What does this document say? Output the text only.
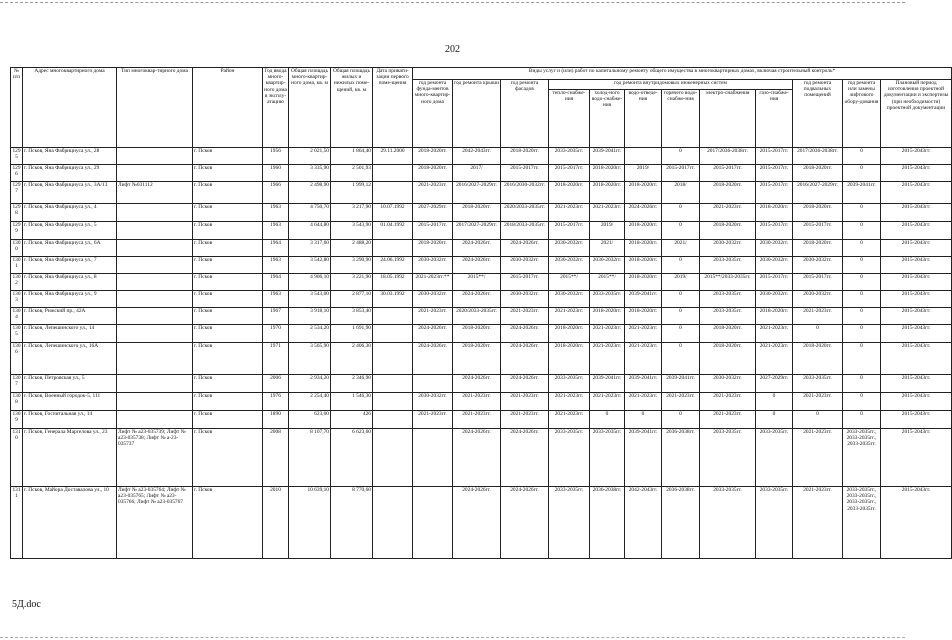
202
№ п/п	Адрес многоквартирного дома	Тип многоквар-тирного дома	Район	Год ввода много-квартир-ного дома в эксплу-атацию	Общая площадь много-квартир-ного дома, кв. м	Общая площадь жилых и нежилых поме-щений, кв. м	Дата привати-зации первого поме-щения	Виды услуг и (или) работ по капитальному ремонту общего имущества в многоквартирных домах, включая строительный контроль*											
								год ремонта фунда-ментов много-квартир-ного дома	год ремонта крыши	год ремонта фасадов	год ремонта внутридомовых инженерных систем						год ремонта подвальных помещений	год ремонта или замены лифтового обору-дования	Плановый период изготовления проектной документации и экспертизы (при необходимости) проектной документации
											тепло-снабже-ния	холод-ного водо-снабже-ния	водо-отведе-ния	горячего водо-снабже-ния	электро-снабжения	газо-снабже-ния			
1295	г. Псков, Яна Фабрициуса ул., 28		г. Псков	1956	2 021,50	1 864,40	29.11.2000	2018-2020гг.	2042-2043гг.	2018-2020гг.	2033-2035гг.	2039-2041гг.		0	2017/2036-2038гг.	2015-2017гг.	2017/2036-2038гг.	0	2015-2043гг.
1296	г. Псков, Яна Фабрициуса ул., 29		г. Псков	1960	3 335,90	2 501,93		2018-2020гг.	2017/	2015-2017гг.	2015-2017гг.	2018-2020гг.	2019/	2015-2017гг.	2015-2017гг.	2015-2017гг.	2018-2020гг.	0	2015-2043гг.
1297	г. Псков, Яна Фабрициуса ул., 3А/13	Лифт №031112	г. Псков	1966	2 498,90	1 999,12		2021-2023гг.	2016/2027-2029гг.	2016/2030-2032гг.	2018-2020гг.	2018-2020гг.	2018-2020гг.	2018/	2018-2020гг.	2015-2017гг.	2016/2027-2029гг.	2039-2041гг.	2015-2043гг.
1298	г. Псков, Яна Фабрициуса ул., 4		г. Псков	1963	4 750,70	3 217,90	10.07.1992	2027-2029гг.	2018-2020гг.	2020/2033-2035гг.	2021-2023гг.	2021-2023гг.	2024-2026гг.	0	2021-2023гг.	2018-2020гг.	2018-2020гг.	0	2015-2043гг.
1299	г. Псков, Яна Фабрициуса ул., 5		г. Псков	1963	4 644,80	3 543,90	01.04.1992	2015-2017гг.	2017/2027-2029гг.	2018/2033-2035гг.	2015-2017гг.	2019/	2018-2020гг.	0	2018-2020гг.	2015-2017гг.	2015-2017гг.	0	2015-2043гг.
1300	г. Псков, Яна Фабрициуса ул., 6А		г. Псков	1964	3 317,60	2 488,20		2018-2020гг.	2024-2026гг.	2024-2026гг.	2030-2032гг.	2021/	2018-2020гг.	2021/	2030-2032гг.	2030-2032гг.	2018-2020гг.	0	2015-2043гг.
1301	г. Псков, Яна Фабрициуса ул., 7		г. Псков	1963	3 542,80	3 290,90	24.06.1992	2030-2032гг.	2024-2026гг.	2030-2032гг.	2030-2032гг.	2030-2032гг.	2018-2020гг.	0	2033-2035гг.	2030-2032гг.	2030-2032гг.	0	2015-2043гг.
1302	г. Псков, Яна Фабрициуса ул., 8		г. Псков	1964	4 906,10	3 221,90	18.05.1992	2021-2023гг.**	2015**/	2015-2017гг.	2015**/	2015**/	2018-2020гг.	2019/	2015**/2033-2035гг.	2015-2017гг.	2015-2017гг.	0	2015-2043гг.
1303	г. Псков, Яна Фабрициуса ул., 9		г. Псков	1963	3 543,00	2 877,10	30.03.1992	2030-2032гг.	2024-2026гг.	2030-2032гг.	2030-2032гг.	2033-2035гг.	2039-2041гг.	0	2033-2035гг.	2030-2032гг.	2030-2032гг.	0	2015-2043гг.
1304	г. Псков, Рижский пр., 42А		г. Псков	1967	3 918,10	3 853,40		2021-2023гг.	2020/2033-2035гг.	2021-2023гг.	2021-2023гг.	2018-2020гг.	2018-2020гг.	0	2033-2035гг.	2018-2020гг.	2021-2023гг.	0	2015-2043гг.
1305	г. Псков, Лепешинского ул., 14		г. Псков	1970	2 534,20	1 691,90		2024-2026гг.	2018-2020гг.	2024-2026гг.	2018-2020гг.	2021-2023гг.	2021-2023гг.	0	2018-2020гг.	2021-2023гг.	0	0	2015-2043гг.
1306	г. Псков, Лепешинского ул., 16А		г. Псков	1971	3 565,90	2 406,30		2024-2026гг.	2018-2020гг.	2024-2026гг.	2018-2020гг.	2021-2023гг.	2021-2023гг.	0	2018-2020гг.	2021-2023гг.	2018-2020гг.	0	2015-2043гг.
1307	г. Псков, Петровская ул., 5		г. Псков	2006	2 934,20	2 346,90			2024-2026гг.	2024-2026гг.	2033-2035гг.	2039-2041гг.	2039-2041гг.	2039-2041гг.	2030-2032гг.	2027-2029гг.	2033-2035гг.	0	2015-2043гг.
1308	г. Псков, Военный городок-5, 111		г. Псков	1976	2 254,40	1 546,30		2030-2032гг.	2021-2023гг.	2021-2023гг.	2021-2023гг.	2021-2023гг.	2021-2023гг.	2021-2023гг.	2021-2023гг.	0	2021-2023гг.	0	2015-2043гг.
1309	г. Псков, Госпитальная ул., 14		г. Псков	1890	623,00	426		2021-2023гг.	2021-2023гг.	2021-2023гг.	2021-2023гг.	0	0	0	2021-2023гг.	0	0	0	2015-2043гг.
1310	г. Псков, Генерала Маргелова ул., 23	Лифт № а23-035739; Лифт № а23-035738; Лифт № а-23-035737	г. Псков	2008	8 107,70	6 623,60			2024-2026гг.	2024-2026гг.	2033-2035гг.	2033-2035гг.	2039-2041гг.	2036-2038гг.	2033-2035гг.	2033-2035гг.	2021-2023гг.	2033-2035гг., 2033-2035гг., 2033-2035гг.	2015-2043гг.
1311	г. Псков, Майора Доставалова ул., 10	Лифт № а23-035764; Лифт № а23-035765; Лифт № а23-035766; Лифт № а23-035767	г. Псков	2010	10 639,10	8 770,60			2024-2026гг.	2024-2026гг.	2033-2035гг.	2036-2038гг.	2042-2043гг.	2036-2038гг.	2033-2035гг.	2033-2035гг.	2021-2023гг.	2033-2035гг., 2033-2035гг., 2033-2035гг., 2033-2035гг.	2015-2043гг.
5Д.doc
